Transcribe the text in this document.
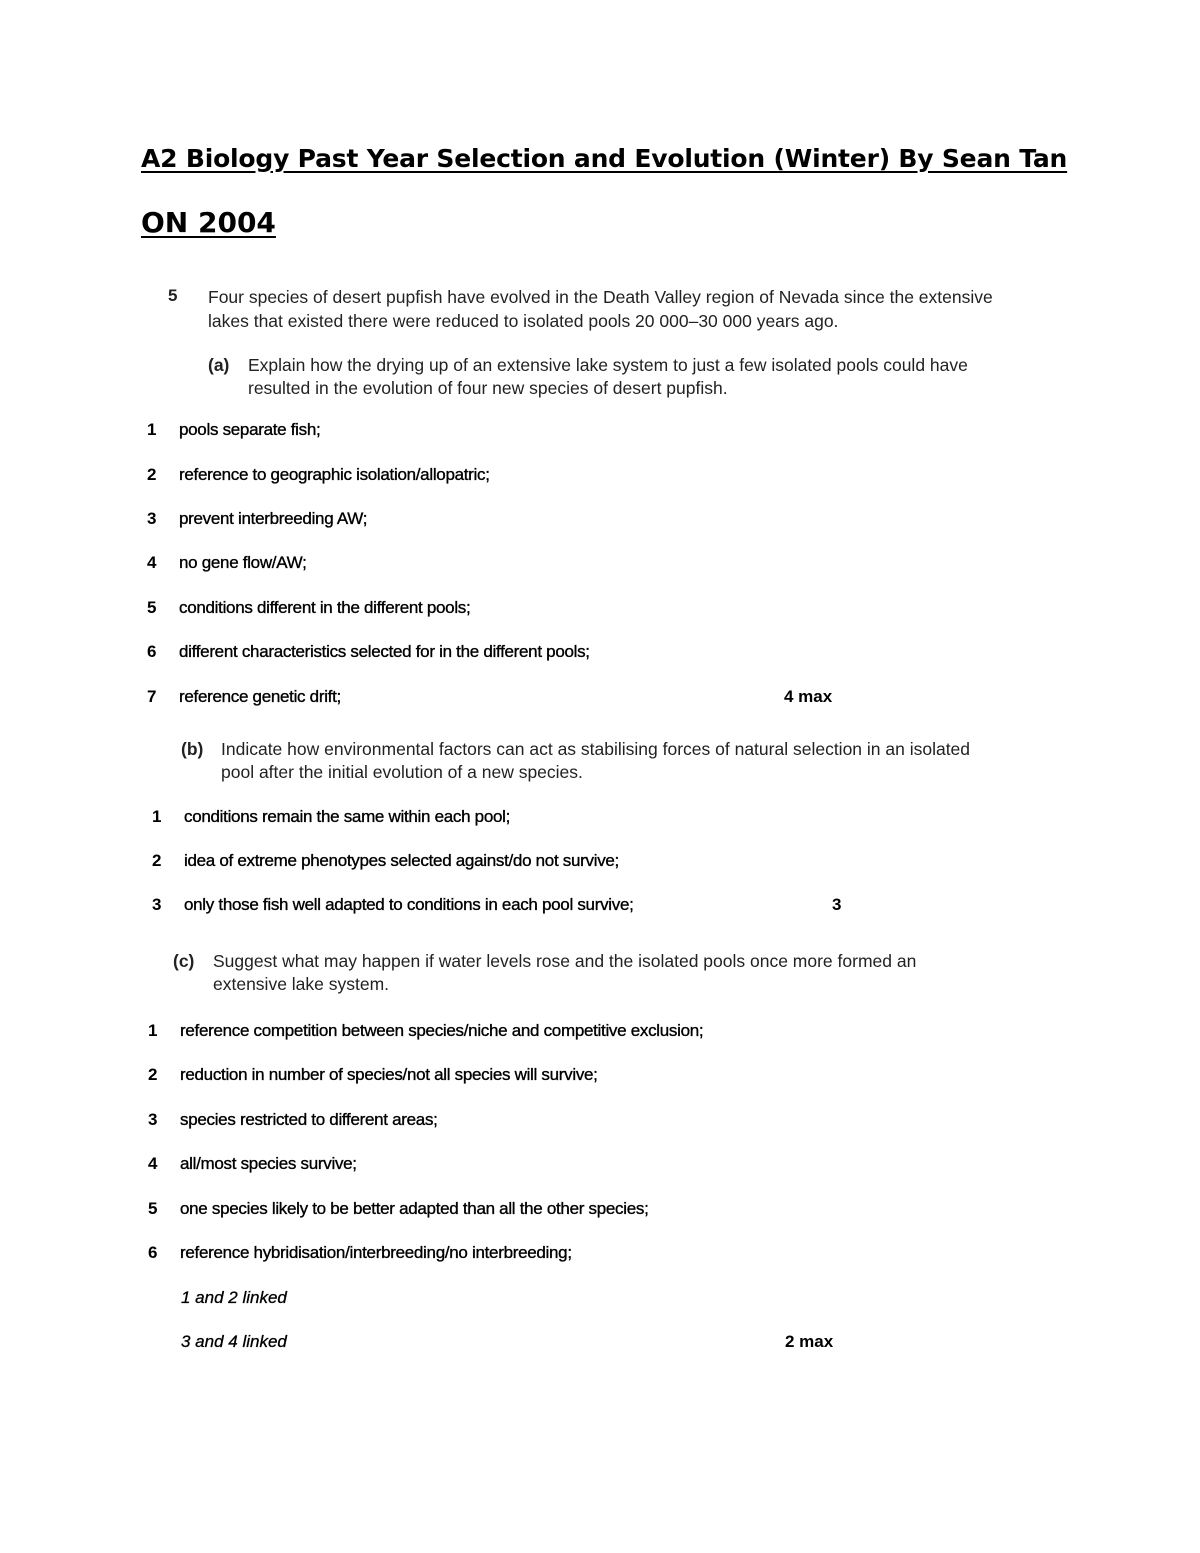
A2 Biology Past Year Selection and Evolution (Winter) By Sean Tan
ON 2004
5 Four species of desert pupfish have evolved in the Death Valley region of Nevada since the extensive lakes that existed there were reduced to isolated pools 20 000–30 000 years ago.
(a)	Explain how the drying up of an extensive lake system to just a few isolated pools could have resulted in the evolution of four new species of desert pupfish.
1 pools separate fish;
2 reference to geographic isolation/allopatric;
3 prevent interbreeding AW;
4 no gene flow/AW;
5 conditions different in the different pools;
6 different characteristics selected for in the different pools;
7 reference genetic drift;	4 max
(b)	Indicate how environmental factors can act as stabilising forces of natural selection in an isolated pool after the initial evolution of a new species.
1 conditions remain the same within each pool;
2 idea of extreme phenotypes selected against/do not survive;
3 only those fish well adapted to conditions in each pool survive;	3
(c)	Suggest what may happen if water levels rose and the isolated pools once more formed an extensive lake system.
1 reference competition between species/niche and competitive exclusion;
2 reduction in number of species/not all species will survive;
3 species restricted to different areas;
4 all/most species survive;
5 one species likely to be better adapted than all the other species;
6 reference hybridisation/interbreeding/no interbreeding;
1 and 2 linked
3 and 4 linked	2 max
